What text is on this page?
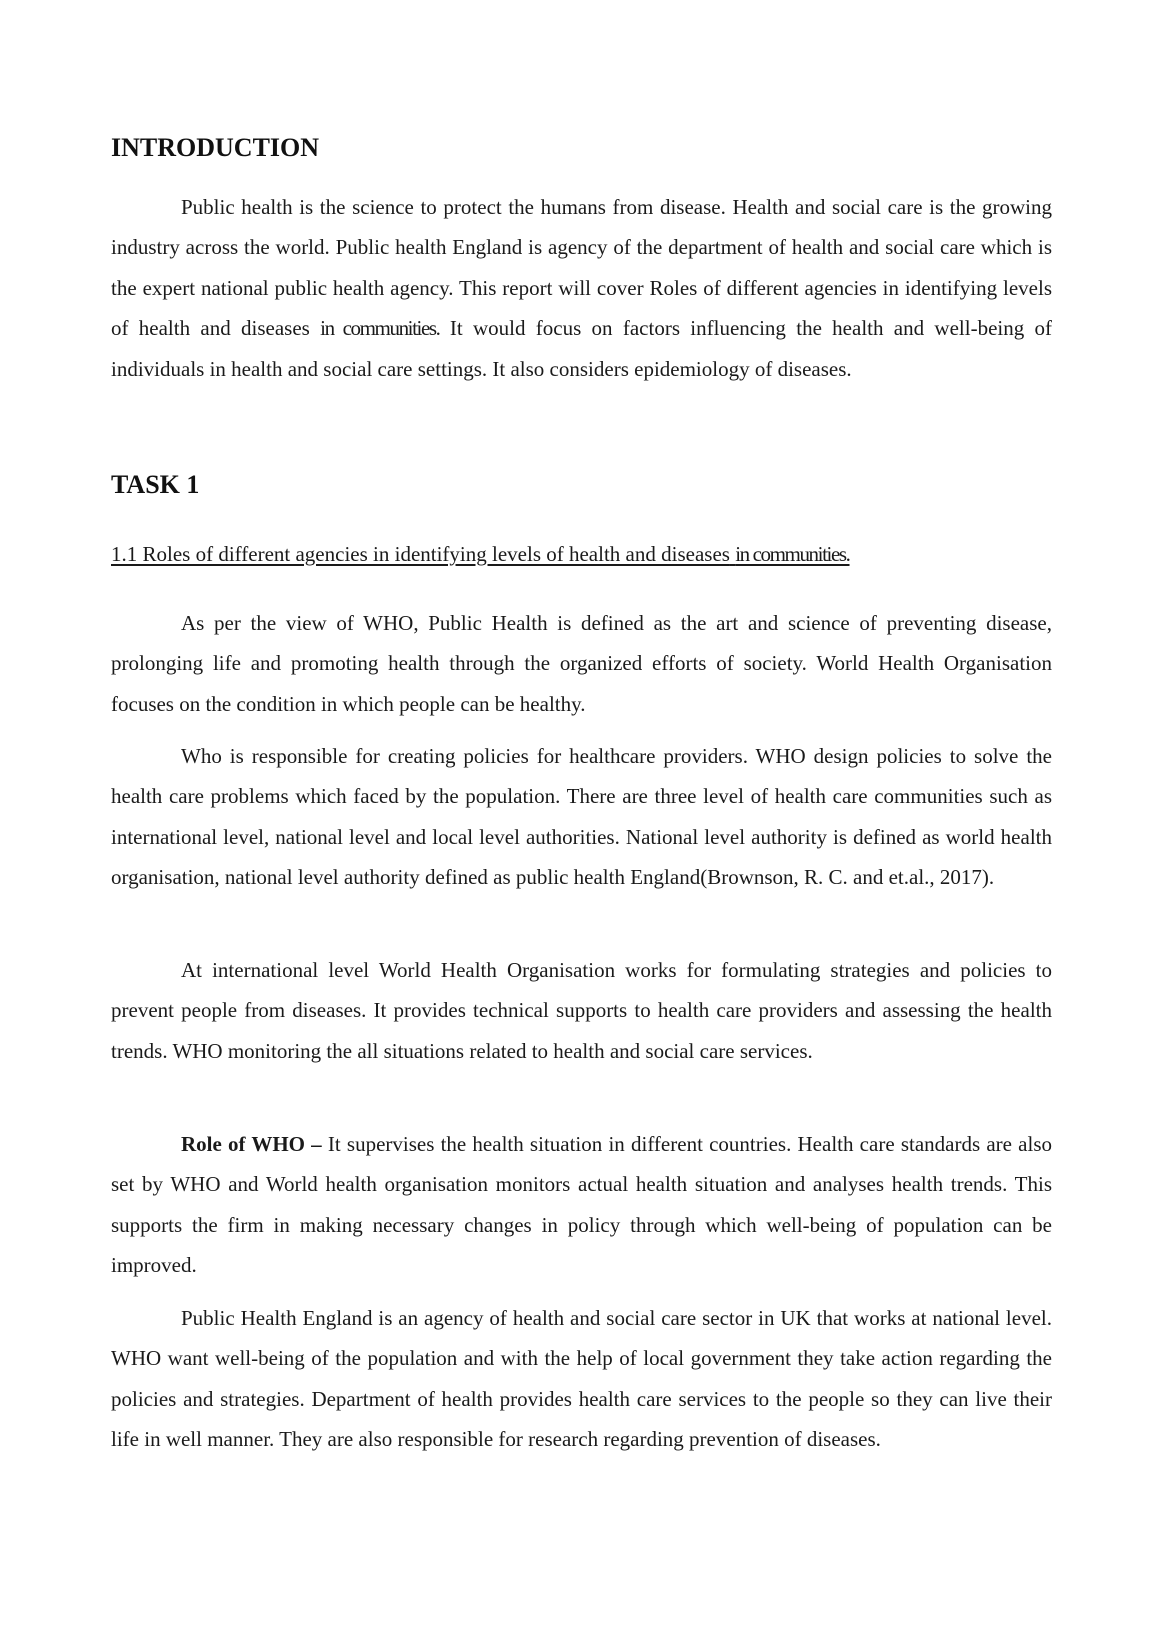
INTRODUCTION

Public health is the science to protect the humans from disease. Health and social care is the growing industry across the world. Public health England is agency of the department of health and social care which is the expert national public health agency. This report will cover Roles of different agencies in identifying levels of health and diseases in communities. It would focus on factors influencing the health and well-being of individuals in health and social care settings. It also considers epidemiology of diseases.

TASK 1
1.1 Roles of different agencies in identifying levels of health and diseases in communities.

As per the view of WHO, Public Health is defined as the art and science of preventing disease, prolonging life and promoting health through the organized efforts of society. World Health Organisation focuses on the condition in which people can be healthy.

Who is responsible for creating policies for healthcare providers. WHO design policies to solve the health care problems which faced by the population. There are three level of health care communities such as international level, national level and local level authorities. National level authority is defined as world health organisation, national level authority defined as public health England(Brownson, R. C. and et.al., 2017).

At international level World Health Organisation works for formulating strategies and policies to prevent people from diseases. It provides technical supports to health care providers and assessing the health trends. WHO monitoring the all situations related to health and social care services.

Role of WHO – It supervises the health situation in different countries. Health care standards are also set by WHO and World health organisation monitors actual health situation and analyses health trends. This supports the firm in making necessary changes in policy through which well-being of population can be improved.

Public Health England is an agency of health and social care sector in UK that works at national level. WHO want well-being of the population and with the help of local government they take action regarding the policies and strategies. Department of health provides health care services to the people so they can live their life in well manner. They are also responsible for research regarding prevention of diseases.
